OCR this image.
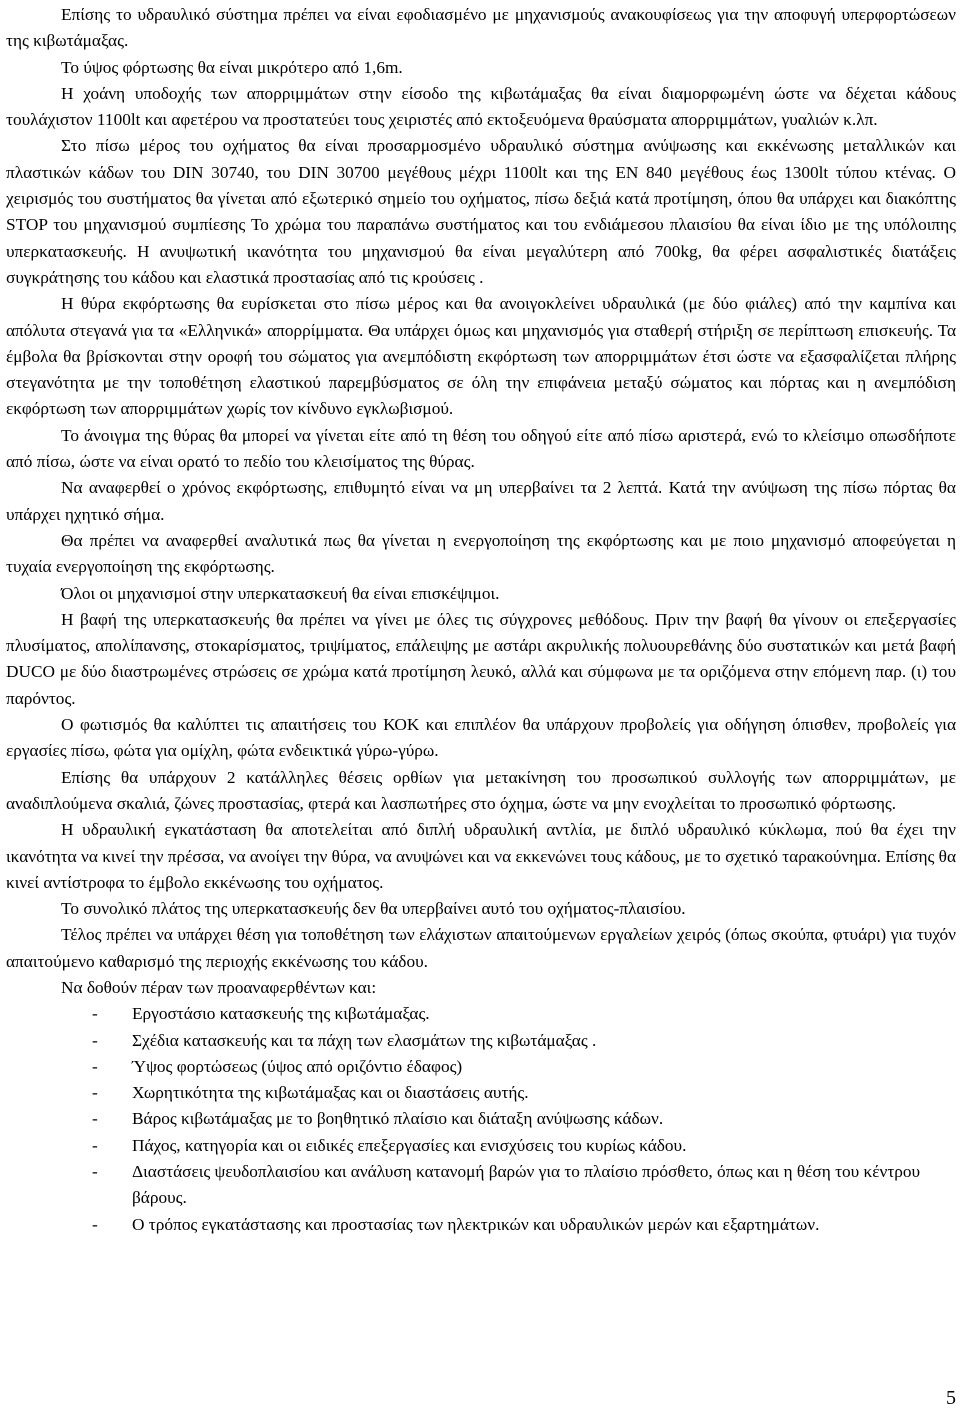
Επίσης το υδραυλικό σύστημα πρέπει να είναι εφοδιασμένο με μηχανισμούς ανακουφίσεως για την αποφυγή υπερφορτώσεων της κιβωτάμαξας.

Το ύψος φόρτωσης θα είναι μικρότερο από 1,6m.

Η χοάνη υποδοχής των απορριμμάτων στην είσοδο της κιβωτάμαξας θα είναι διαμορφωμένη ώστε να δέχεται κάδους τουλάχιστον 1100lt και αφετέρου να προστατεύει τους χειριστές από εκτοξευόμενα θραύσματα απορριμμάτων, γυαλιών κ.λπ.

Στο πίσω μέρος του οχήματος θα είναι προσαρμοσμένο υδραυλικό σύστημα ανύψωσης και εκκένωσης μεταλλικών και πλαστικών κάδων του DIN 30740, του DIN 30700 μεγέθους μέχρι 1100lt και της EN 840 μεγέθους έως 1300lt τύπου κτένας. Ο χειρισμός του συστήματος θα γίνεται από εξωτερικό σημείο του οχήματος, πίσω δεξιά κατά προτίμηση, όπου θα υπάρχει και διακόπτης STOP του μηχανισμού συμπίεσης Το χρώμα του παραπάνω συστήματος και του ενδιάμεσου πλαισίου θα είναι ίδιο με της υπόλοιπης υπερκατασκευής. Η ανυψωτική ικανότητα του μηχανισμού θα είναι μεγαλύτερη από 700kg, θα φέρει ασφαλιστικές διατάξεις συγκράτησης του κάδου και ελαστικά προστασίας από τις κρούσεις .

Η θύρα εκφόρτωσης θα ευρίσκεται στο πίσω μέρος και θα ανοιγοκλείνει υδραυλικά (με δύο φιάλες) από την καμπίνα και απόλυτα στεγανά για τα «Ελληνικά» απορρίμματα. Θα υπάρχει όμως και μηχανισμός για σταθερή στήριξη σε περίπτωση επισκευής. Τα έμβολα θα βρίσκονται στην οροφή του σώματος για ανεμπόδιστη εκφόρτωση των απορριμμάτων έτσι ώστε να εξασφαλίζεται πλήρης στεγανότητα με την τοποθέτηση ελαστικού παρεμβύσματος σε όλη την επιφάνεια μεταξύ σώματος και πόρτας και η ανεμπόδιση εκφόρτωση των απορριμμάτων χωρίς τον κίνδυνο εγκλωβισμού.

Το άνοιγμα της θύρας θα μπορεί να γίνεται είτε από τη θέση του οδηγού είτε από πίσω αριστερά, ενώ το κλείσιμο οπωσδήποτε από πίσω, ώστε να είναι ορατό το πεδίο του κλεισίματος της θύρας.

Να αναφερθεί ο χρόνος εκφόρτωσης, επιθυμητό είναι να μη υπερβαίνει τα 2 λεπτά. Κατά την ανύψωση της πίσω πόρτας θα υπάρχει ηχητικό σήμα.

Θα πρέπει να αναφερθεί αναλυτικά πως θα γίνεται η ενεργοποίηση της εκφόρτωσης και με ποιο μηχανισμό αποφεύγεται η τυχαία ενεργοποίηση της εκφόρτωσης.

Όλοι οι μηχανισμοί στην υπερκατασκευή θα είναι επισκέψιμοι.

Η βαφή της υπερκατασκευής θα πρέπει να γίνει με όλες τις σύγχρονες μεθόδους. Πριν την βαφή θα γίνουν οι επεξεργασίες πλυσίματος, απολίπανσης, στοκαρίσματος, τριψίματος, επάλειψης με αστάρι ακρυλικής πολυουρεθάνης δύο συστατικών και μετά βαφή DUCO με δύο διαστρωμένες στρώσεις σε χρώμα κατά προτίμηση λευκό, αλλά και σύμφωνα με τα οριζόμενα στην επόμενη παρ. (ι) του παρόντος.

Ο φωτισμός θα καλύπτει τις απαιτήσεις του ΚΟΚ και επιπλέον θα υπάρχουν προβολείς για οδήγηση όπισθεν, προβολείς για εργασίες πίσω, φώτα για ομίχλη, φώτα ενδεικτικά γύρω-γύρω.

Επίσης θα υπάρχουν 2 κατάλληλες θέσεις ορθίων για μετακίνηση του προσωπικού συλλογής των απορριμμάτων, με αναδιπλούμενα σκαλιά, ζώνες προστασίας, φτερά και λασπωτήρες στο όχημα, ώστε να μην ενοχλείται το προσωπικό φόρτωσης.

Η υδραυλική εγκατάσταση θα αποτελείται από διπλή υδραυλική αντλία, με διπλό υδραυλικό κύκλωμα, πού θα έχει την ικανότητα να κινεί την πρέσσα, να ανοίγει την θύρα, να ανυψώνει και να εκκενώνει τους κάδους, με το σχετικό ταρακούνημα. Επίσης θα κινεί αντίστροφα το έμβολο εκκένωσης του οχήματος.

Το συνολικό πλάτος της υπερκατασκευής δεν θα υπερβαίνει αυτό του οχήματος-πλαισίου.

Τέλος πρέπει να υπάρχει θέση για τοποθέτηση των ελάχιστων απαιτούμενων εργαλείων χειρός (όπως σκούπα, φτυάρι) για τυχόν απαιτούμενο καθαρισμό της περιοχής εκκένωσης του κάδου.

Να δοθούν πέραν των προαναφερθέντων και:

- Εργοστάσιο κατασκευής της κιβωτάμαξας.
- Σχέδια κατασκευής και τα πάχη των ελασμάτων της κιβωτάμαξας .
- Ύψος φορτώσεως (ύψος από οριζόντιο έδαφος)
- Χωρητικότητα της κιβωτάμαξας και οι διαστάσεις αυτής.
- Βάρος κιβωτάμαξας με το βοηθητικό πλαίσιο και διάταξη ανύψωσης κάδων.
- Πάχος, κατηγορία και οι ειδικές επεξεργασίες και ενισχύσεις του κυρίως κάδου.
- Διαστάσεις ψευδοπλαισίου και ανάλυση κατανομή βαρών για το πλαίσιο πρόσθετο, όπως και η θέση του κέντρου βάρους.
- Ο τρόπος εγκατάστασης και προστασίας των ηλεκτρικών και υδραυλικών μερών και εξαρτημάτων.
5
